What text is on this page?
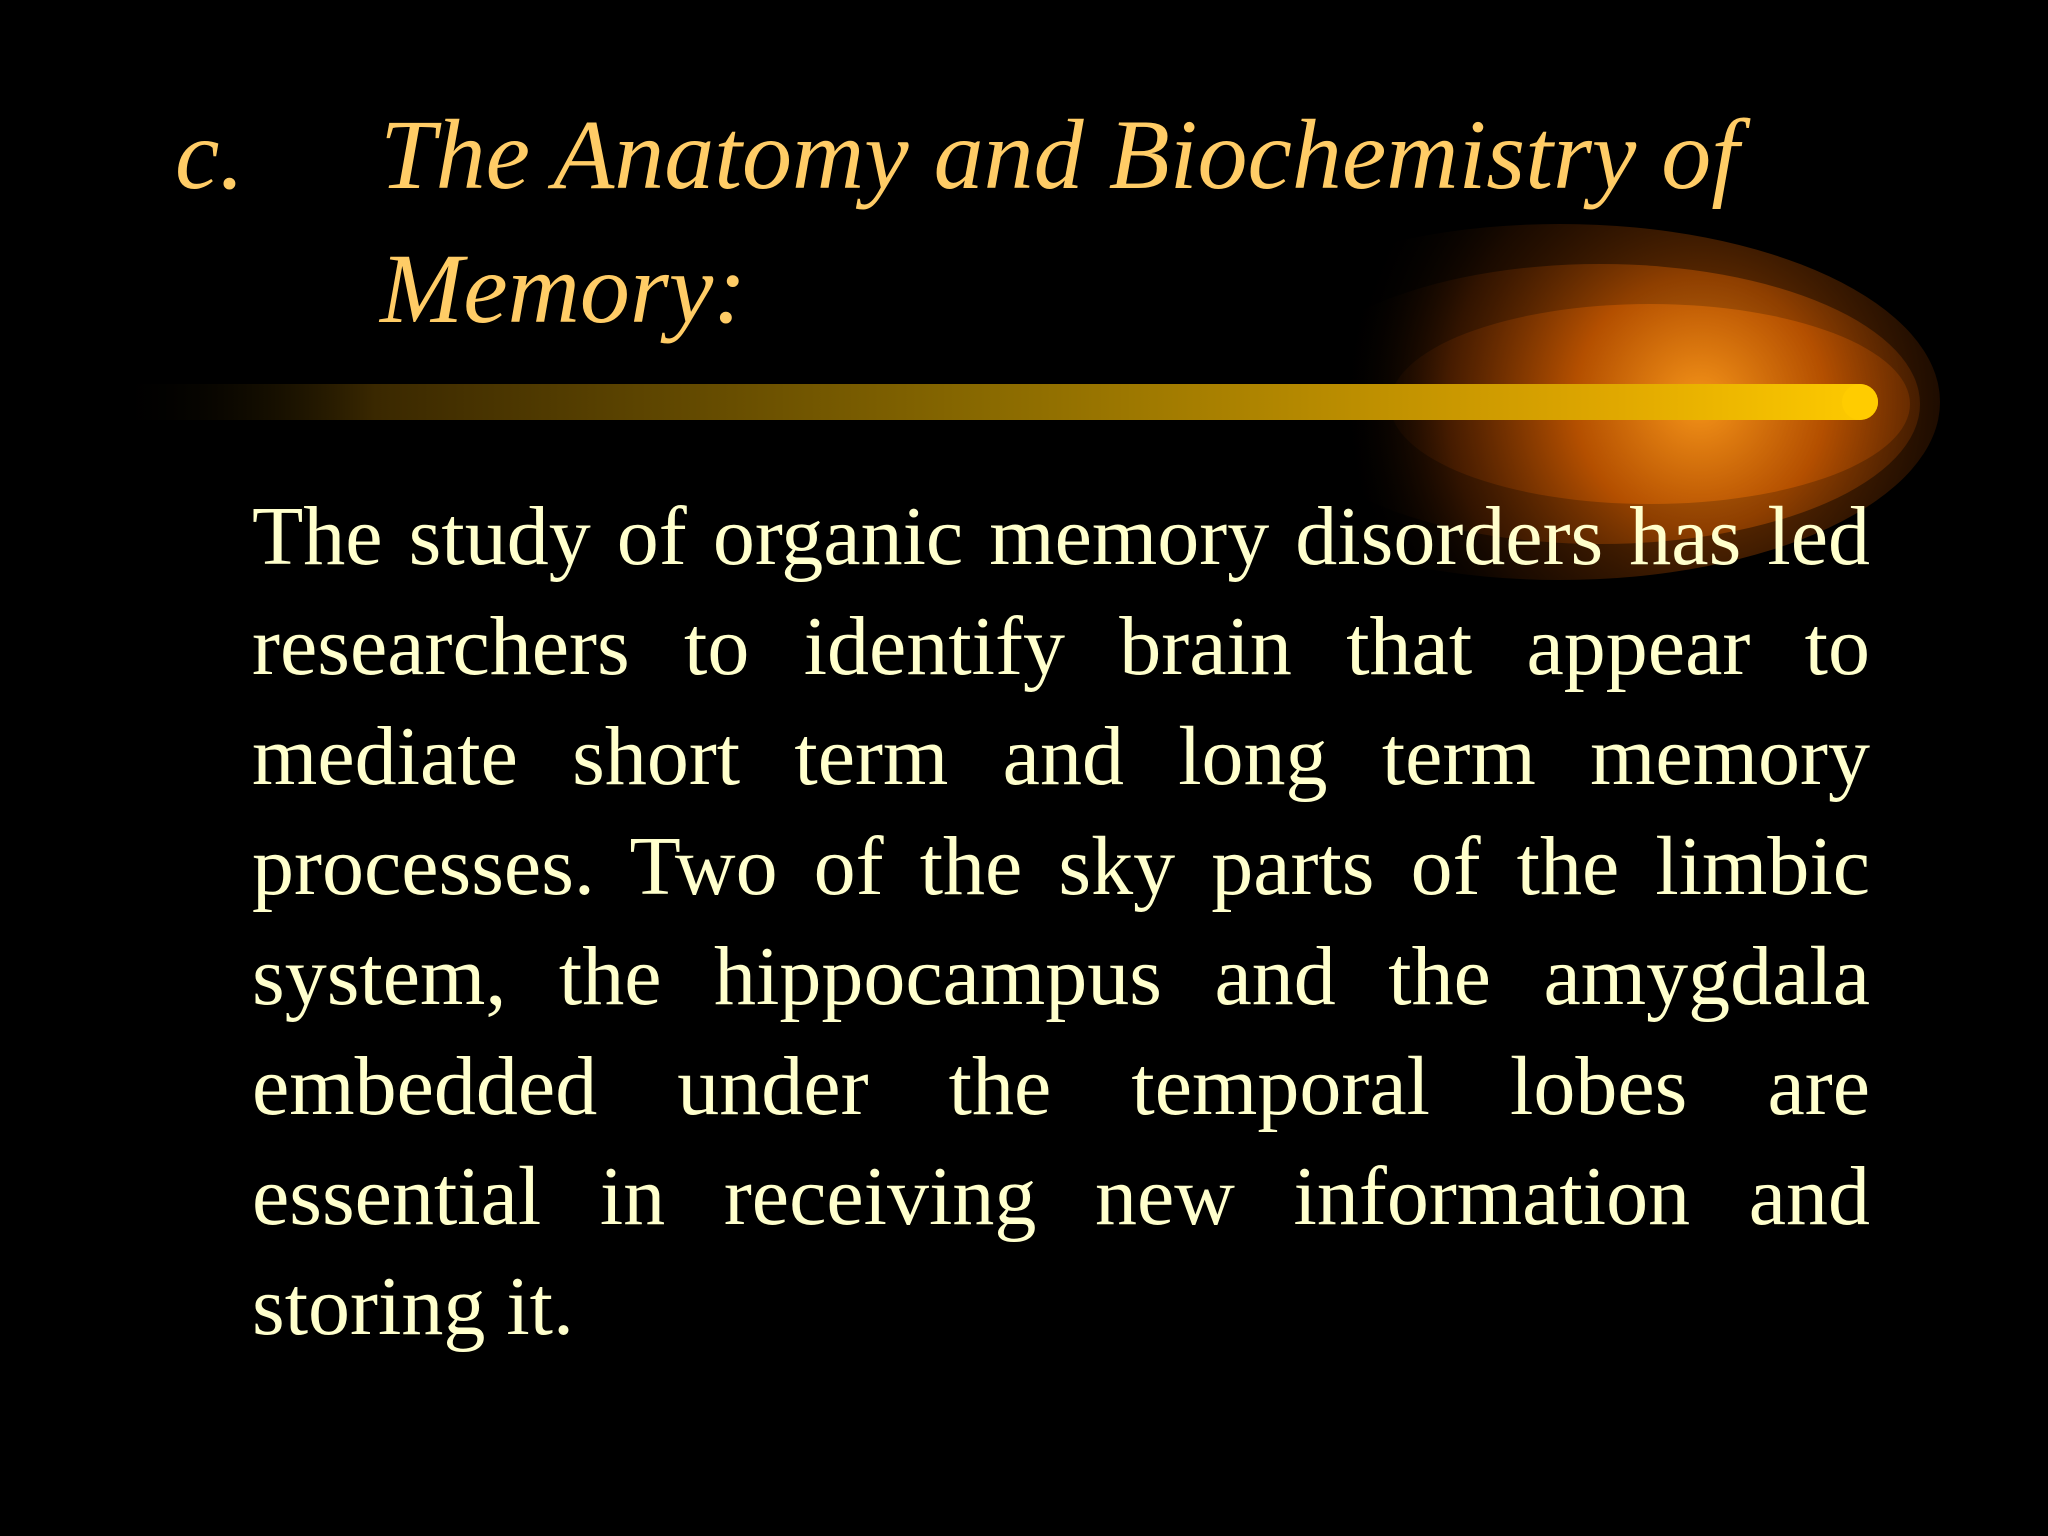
c. The Anatomy and Biochemistry of Memory:

The study of organic memory disorders has led researchers to identify brain that appear to mediate short term and long term memory processes. Two of the sky parts of the limbic system, the hippocampus and the amygdala embedded under the temporal lobes are essential in receiving new information and storing it.
